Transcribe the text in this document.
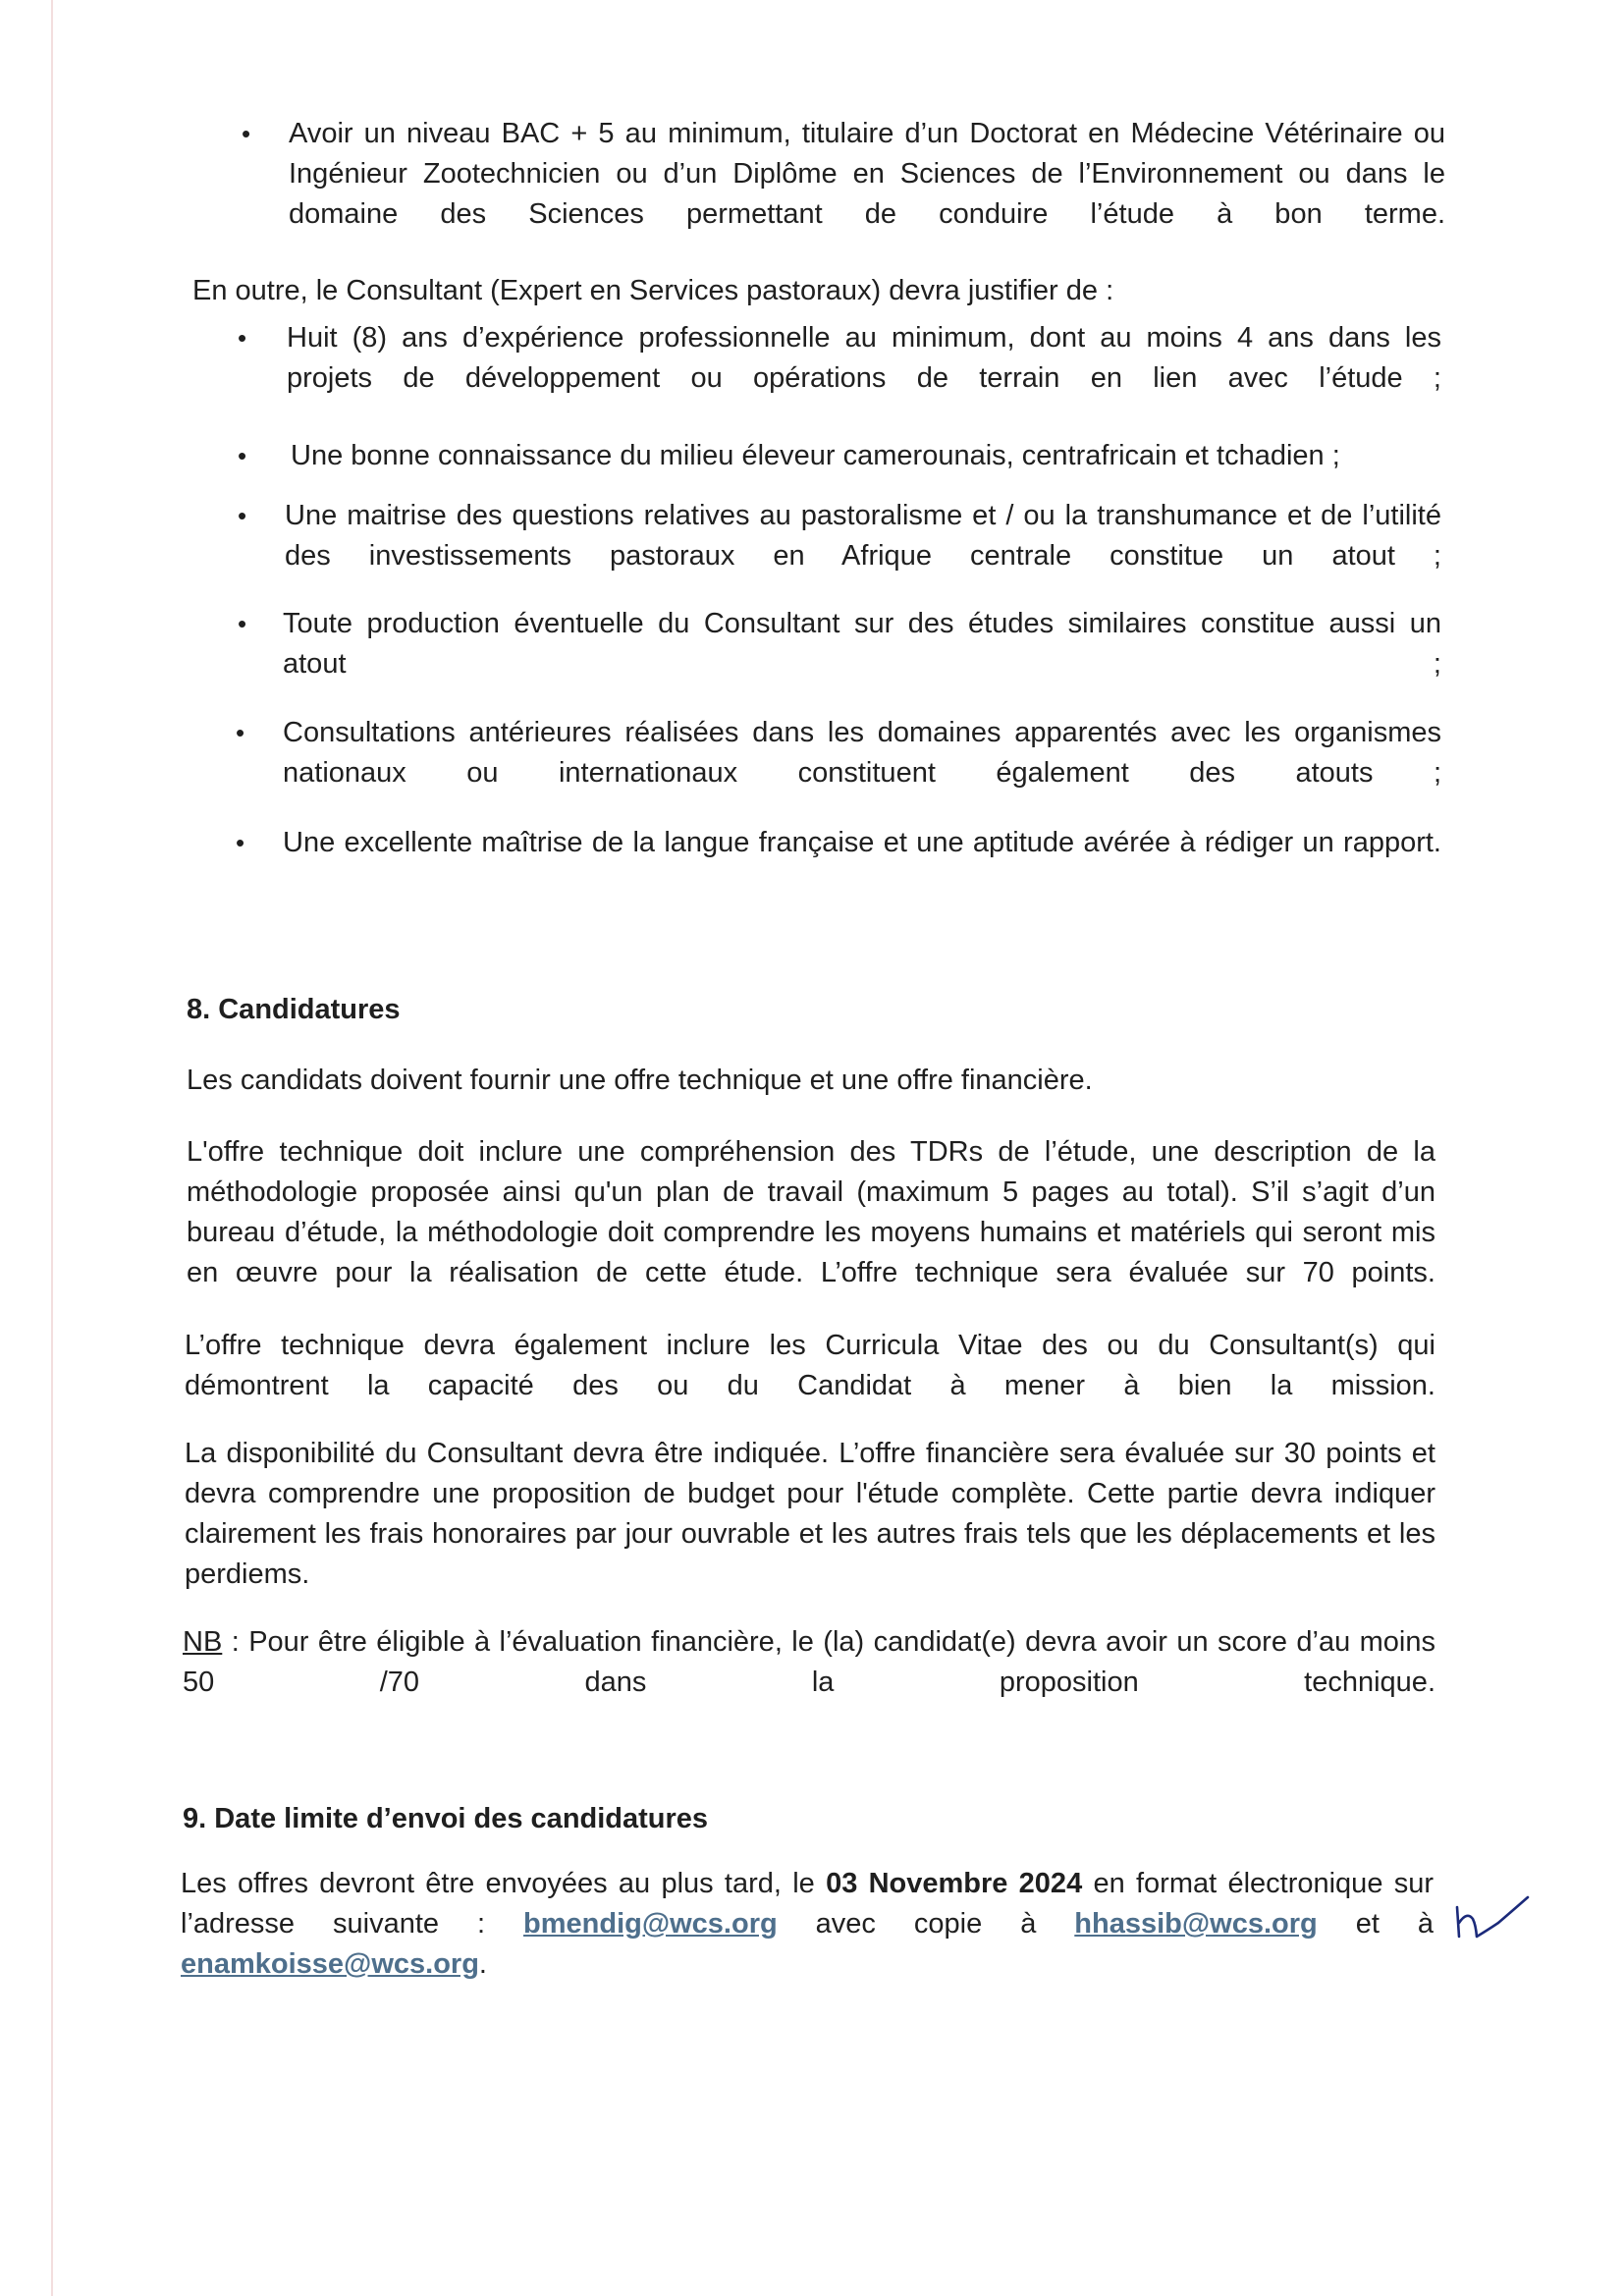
• Avoir un niveau BAC + 5 au minimum, titulaire d’un Doctorat en Médecine Vétérinaire ou Ingénieur Zootechnicien ou d’un Diplôme en Sciences de l’Environnement ou dans le domaine des Sciences permettant de conduire l’étude à bon terme.
En outre, le Consultant (Expert en Services pastoraux) devra justifier de :
• Huit (8) ans d’expérience professionnelle au minimum, dont au moins 4 ans dans les projets de développement ou opérations de terrain en lien avec l’étude ;
• Une bonne connaissance du milieu éleveur camerounais, centrafricain et tchadien ;
• Une maitrise des questions relatives au pastoralisme et / ou la transhumance et de l’utilité des investissements pastoraux en Afrique centrale constitue un atout ;
• Toute production éventuelle du Consultant sur des études similaires constitue aussi un atout ;
• Consultations antérieures réalisées dans les domaines apparentés avec les organismes nationaux ou internationaux constituent également des atouts ;
• Une excellente maîtrise de la langue française et une aptitude avérée à rédiger un rapport.
8. Candidatures
Les candidats doivent fournir une offre technique et une offre financière.
L'offre technique doit inclure une compréhension des TDRs de l’étude, une description de la méthodologie proposée ainsi qu'un plan de travail (maximum 5 pages au total). S’il s’agit d’un bureau d’étude, la méthodologie doit comprendre les moyens humains et matériels qui seront mis en œuvre pour la réalisation de cette étude. L’offre technique sera évaluée sur 70 points.
L’offre technique devra également inclure les Curricula Vitae des ou du Consultant(s) qui démontrent la capacité des ou du Candidat à mener à bien la mission.
La disponibilité du Consultant devra être indiquée. L’offre financière sera évaluée sur 30 points et devra comprendre une proposition de budget pour l'étude complète. Cette partie devra indiquer clairement les frais honoraires par jour ouvrable et les autres frais tels que les déplacements et les perdiems.
NB : Pour être éligible à l’évaluation financière, le (la) candidat(e) devra avoir un score d’au moins 50 /70 dans la proposition technique.
9. Date limite d’envoi des candidatures
Les offres devront être envoyées au plus tard, le 03 Novembre 2024 en format électronique sur l’adresse suivante : bmendig@wcs.org avec copie à hhassib@wcs.org et à enamkoisse@wcs.org.
